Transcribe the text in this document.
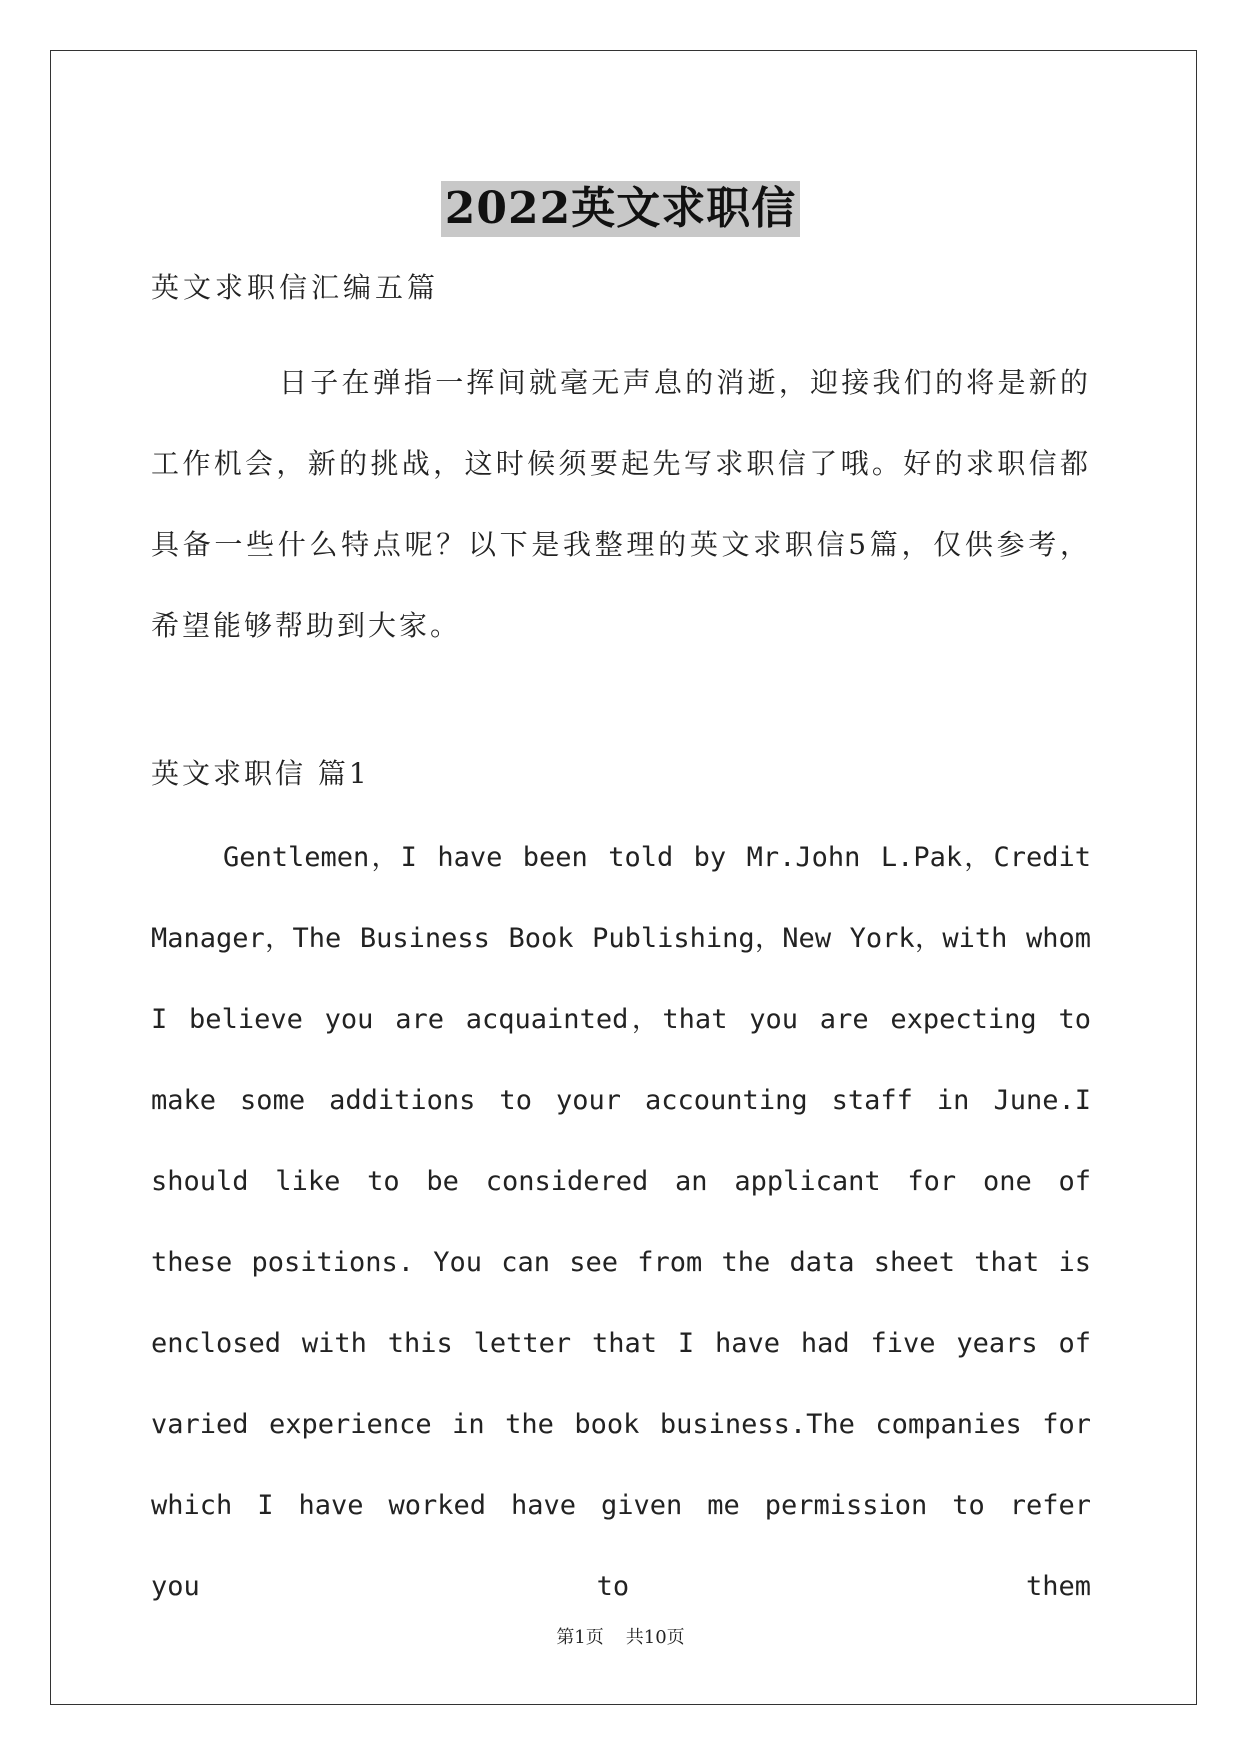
2022英文求职信

英文求职信汇编五篇

日子在弹指一挥间就毫无声息的消逝，迎接我们的将是新的工作机会，新的挑战，这时候须要起先写求职信了哦。好的求职信都具备一些什么特点呢？以下是我整理的英文求职信5篇，仅供参考，希望能够帮助到大家。

英文求职信 篇1

Gentlemen，I have been told by Mr.John L.Pak，Credit Manager，The Business Book Publishing，New York，with whom I believe you are acquainted，that you are expecting to make some additions to your accounting staff in June.I should like to be considered an applicant for one of these positions. You can see from the data sheet that is enclosed with this letter that I have had five years of varied experience in the book business.The companies for which I have worked have given me permission to refer you to them

第1页 共10页
